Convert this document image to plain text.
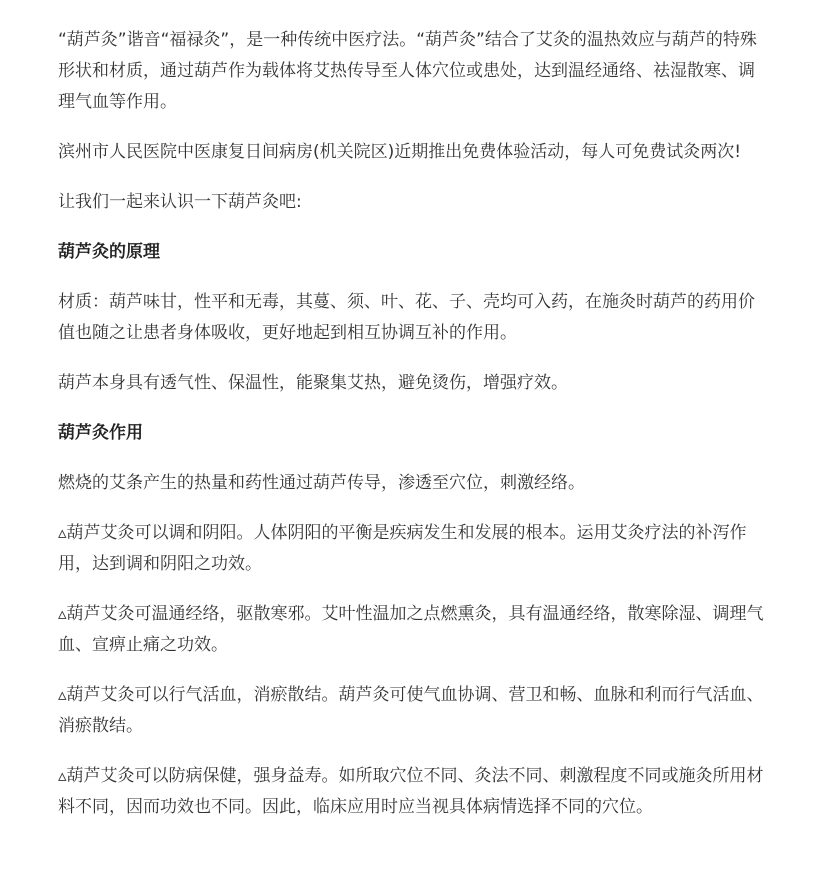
“葫芦灸”谐音“福禄灸”，是一种传统中医疗法。“葫芦灸”结合了艾灸的温热效应与葫芦的特殊形状和材质，通过葫芦作为载体将艾热传导至人体穴位或患处，达到温经通络、祛湿散寒、调理气血等作用。

滨州市人民医院中医康复日间病房(机关院区)近期推出免费体验活动，每人可免费试灸两次!

让我们一起来认识一下葫芦灸吧:

葫芦灸的原理

材质：葫芦味甘，性平和无毒，其蔓、须、叶、花、子、壳均可入药，在施灸时葫芦的药用价值也随之让患者身体吸收，更好地起到相互协调互补的作用。

葫芦本身具有透气性、保温性，能聚集艾热，避免烫伤，增强疗效。

葫芦灸作用

燃烧的艾条产生的热量和药性通过葫芦传导，渗透至穴位，刺激经络。

▵葫芦艾灸可以调和阴阳。人体阴阳的平衡是疾病发生和发展的根本。运用艾灸疗法的补泻作用，达到调和阴阳之功效。

▵葫芦艾灸可温通经络，驱散寒邪。艾叶性温加之点燃熏灸，具有温通经络，散寒除湿、调理气血、宣痹止痛之功效。

▵葫芦艾灸可以行气活血，消瘀散结。葫芦灸可使气血协调、营卫和畅、血脉和利而行气活血、消瘀散结。

▵葫芦艾灸可以防病保健，强身益寿。如所取穴位不同、灸法不同、刺激程度不同或施灸所用材料不同，因而功效也不同。因此，临床应用时应当视具体病情选择不同的穴位。
